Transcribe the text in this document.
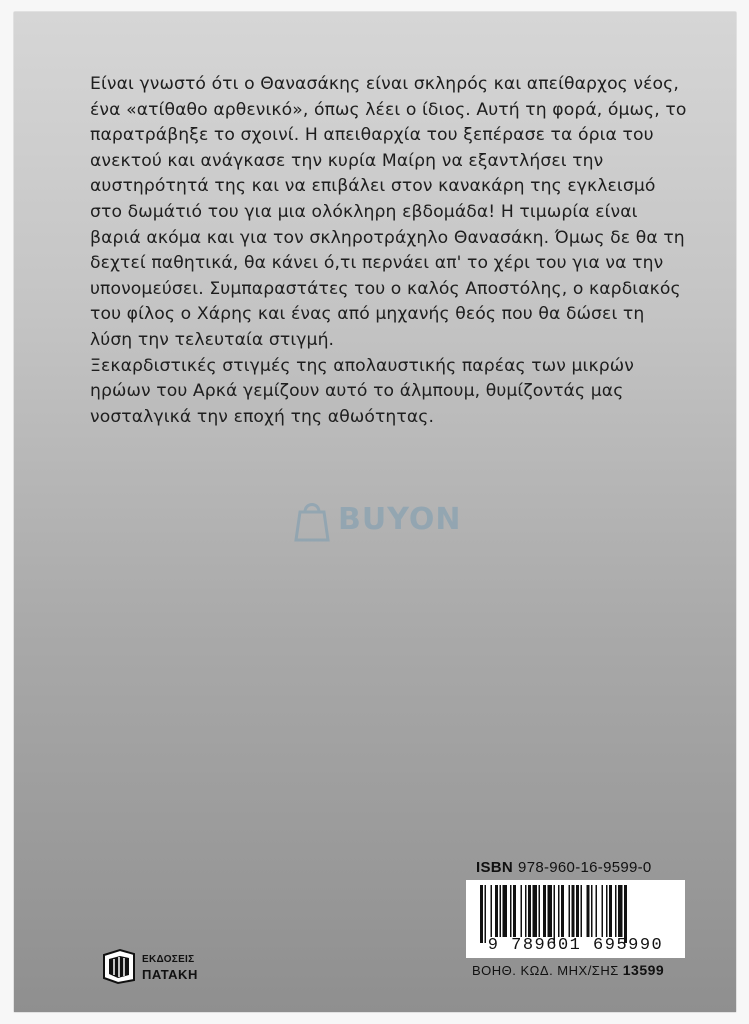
Είναι γνωστό ότι ο Θανασάκης είναι σκληρός και απείθαρχος νέος, ένα «ατίθαθο αρθενικό», όπως λέει ο ίδιος. Αυτή τη φορά, όμως, το παρατράβηξε το σχοινί. Η απειθαρχία του ξεπέρασε τα όρια του ανεκτού και ανάγκασε την κυρία Μαίρη να εξαντλήσει την αυστηρότητά της και να επιβάλει στον κανακάρη της εγκλεισμό στο δωμάτιό του για μια ολόκληρη εβδομάδα! Η τιμωρία είναι βαριά ακόμα και για τον σκληροτράχηλο Θανασάκη. Όμως δε θα τη δεχτεί παθητικά, θα κάνει ό,τι περνάει απ' το χέρι του για να την υπονομεύσει. Συμπαραστάτες του ο καλός Αποστόλης, ο καρδιακός του φίλος ο Χάρης και ένας από μηχανής θεός που θα δώσει τη λύση την τελευταία στιγμή.

Ξεκαρδιστικές στιγμές της απολαυστικής παρέας των μικρών ηρώων του Αρκά γεμίζουν αυτό το άλμπουμ, θυμίζοντάς μας νοσταλγικά την εποχή της αθωότητας.

ISBN 978-960-16-9599-0
9 789601 695990
ΒΟΗΘ. ΚΩΔ. ΜΗΧ/ΣΗΣ 13599
ΕΚΔΟΣΕΙΣ
ΠΑΤΑΚΗ
BUYON
